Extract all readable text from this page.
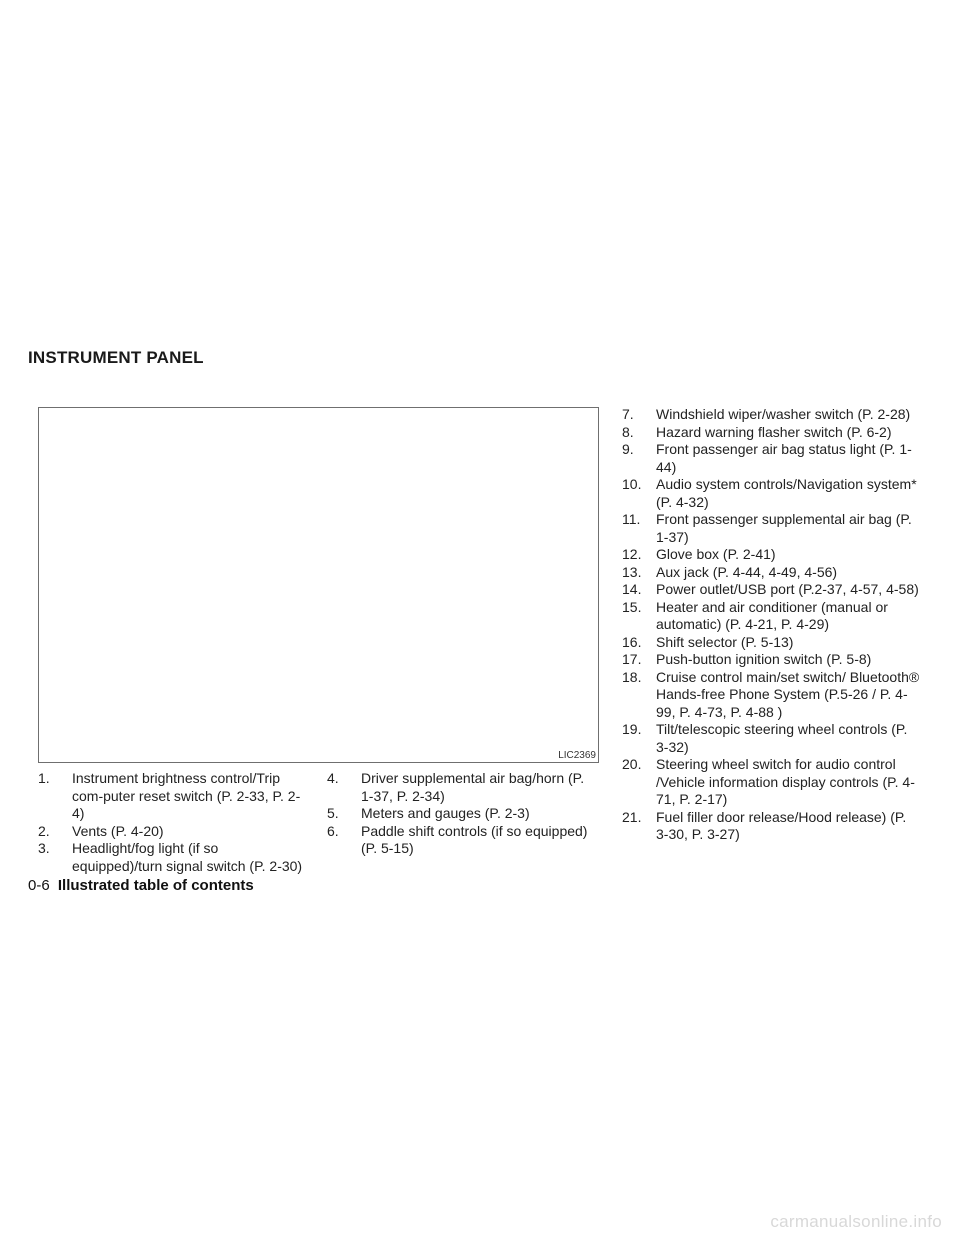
INSTRUMENT PANEL
LIC2369
1. Instrument brightness control/Trip com-puter reset switch (P. 2-33, P. 2-4)
2. Vents (P. 4-20)
3. Headlight/fog light (if so equipped)/turn signal switch (P. 2-30)
4. Driver supplemental air bag/horn (P. 1-37, P. 2-34)
5. Meters and gauges (P. 2-3)
6. Paddle shift controls (if so equipped) (P. 5-15)
7. Windshield wiper/washer switch (P. 2-28)
8. Hazard warning flasher switch (P. 6-2)
9. Front passenger air bag status light (P. 1-44)
10. Audio system controls/Navigation system* (P. 4-32)
11. Front passenger supplemental air bag (P. 1-37)
12. Glove box (P. 2-41)
13. Aux jack (P. 4-44, 4-49, 4-56)
14. Power outlet/USB port (P.2-37, 4-57, 4-58)
15. Heater and air conditioner (manual or automatic) (P. 4-21, P. 4-29)
16. Shift selector (P. 5-13)
17. Push-button ignition switch (P. 5-8)
18. Cruise control main/set switch/ Bluetooth® Hands-free Phone System (P.5-26 / P. 4-99, P. 4-73, P. 4-88 )
19. Tilt/telescopic steering wheel controls (P. 3-32)
20. Steering wheel switch for audio control /Vehicle information display controls (P. 4-71, P. 2-17)
21. Fuel filler door release/Hood release) (P. 3-30, P. 3-27)
0-6 Illustrated table of contents
carmanualsonline.info
